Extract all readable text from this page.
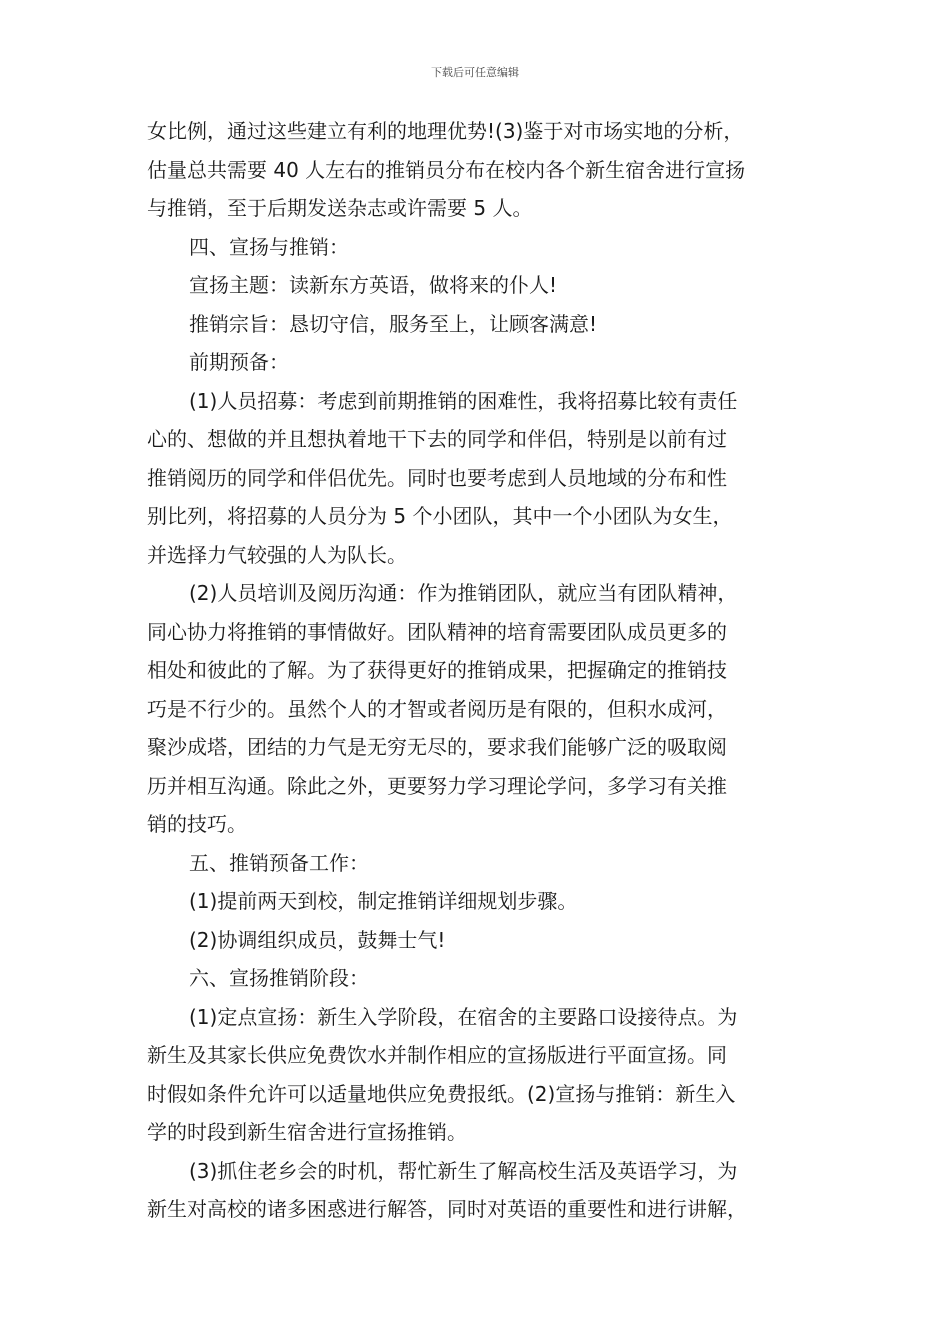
下载后可任意编辑

女比例，通过这些建立有利的地理优势!(3)鉴于对市场实地的分析，

估量总共需要 40 人左右的推销员分布在校内各个新生宿舍进行宣扬

与推销，至于后期发送杂志或许需要 5 人。

四、宣扬与推销：

宣扬主题：读新东方英语，做将来的仆人!

推销宗旨：恳切守信，服务至上，让顾客满意!

前期预备：

(1)人员招募：考虑到前期推销的困难性，我将招募比较有责任

心的、想做的并且想执着地干下去的同学和伴侣，特别是以前有过

推销阅历的同学和伴侣优先。同时也要考虑到人员地域的分布和性

别比列，将招募的人员分为 5 个小团队，其中一个小团队为女生，

并选择力气较强的人为队长。

(2)人员培训及阅历沟通：作为推销团队，就应当有团队精神，

同心协力将推销的事情做好。团队精神的培育需要团队成员更多的

相处和彼此的了解。为了获得更好的推销成果，把握确定的推销技

巧是不行少的。虽然个人的才智或者阅历是有限的，但积水成河，

聚沙成塔，团结的力气是无穷无尽的，要求我们能够广泛的吸取阅

历并相互沟通。除此之外，更要努力学习理论学问，多学习有关推

销的技巧。

五、推销预备工作：

(1)提前两天到校，制定推销详细规划步骤。

(2)协调组织成员，鼓舞士气!

六、宣扬推销阶段：

(1)定点宣扬：新生入学阶段，在宿舍的主要路口设接待点。为

新生及其家长供应免费饮水并制作相应的宣扬版进行平面宣扬。同

时假如条件允许可以适量地供应免费报纸。(2)宣扬与推销：新生入

学的时段到新生宿舍进行宣扬推销。

(3)抓住老乡会的时机，帮忙新生了解高校生活及英语学习，为

新生对高校的诸多困惑进行解答，同时对英语的重要性和进行讲解，
